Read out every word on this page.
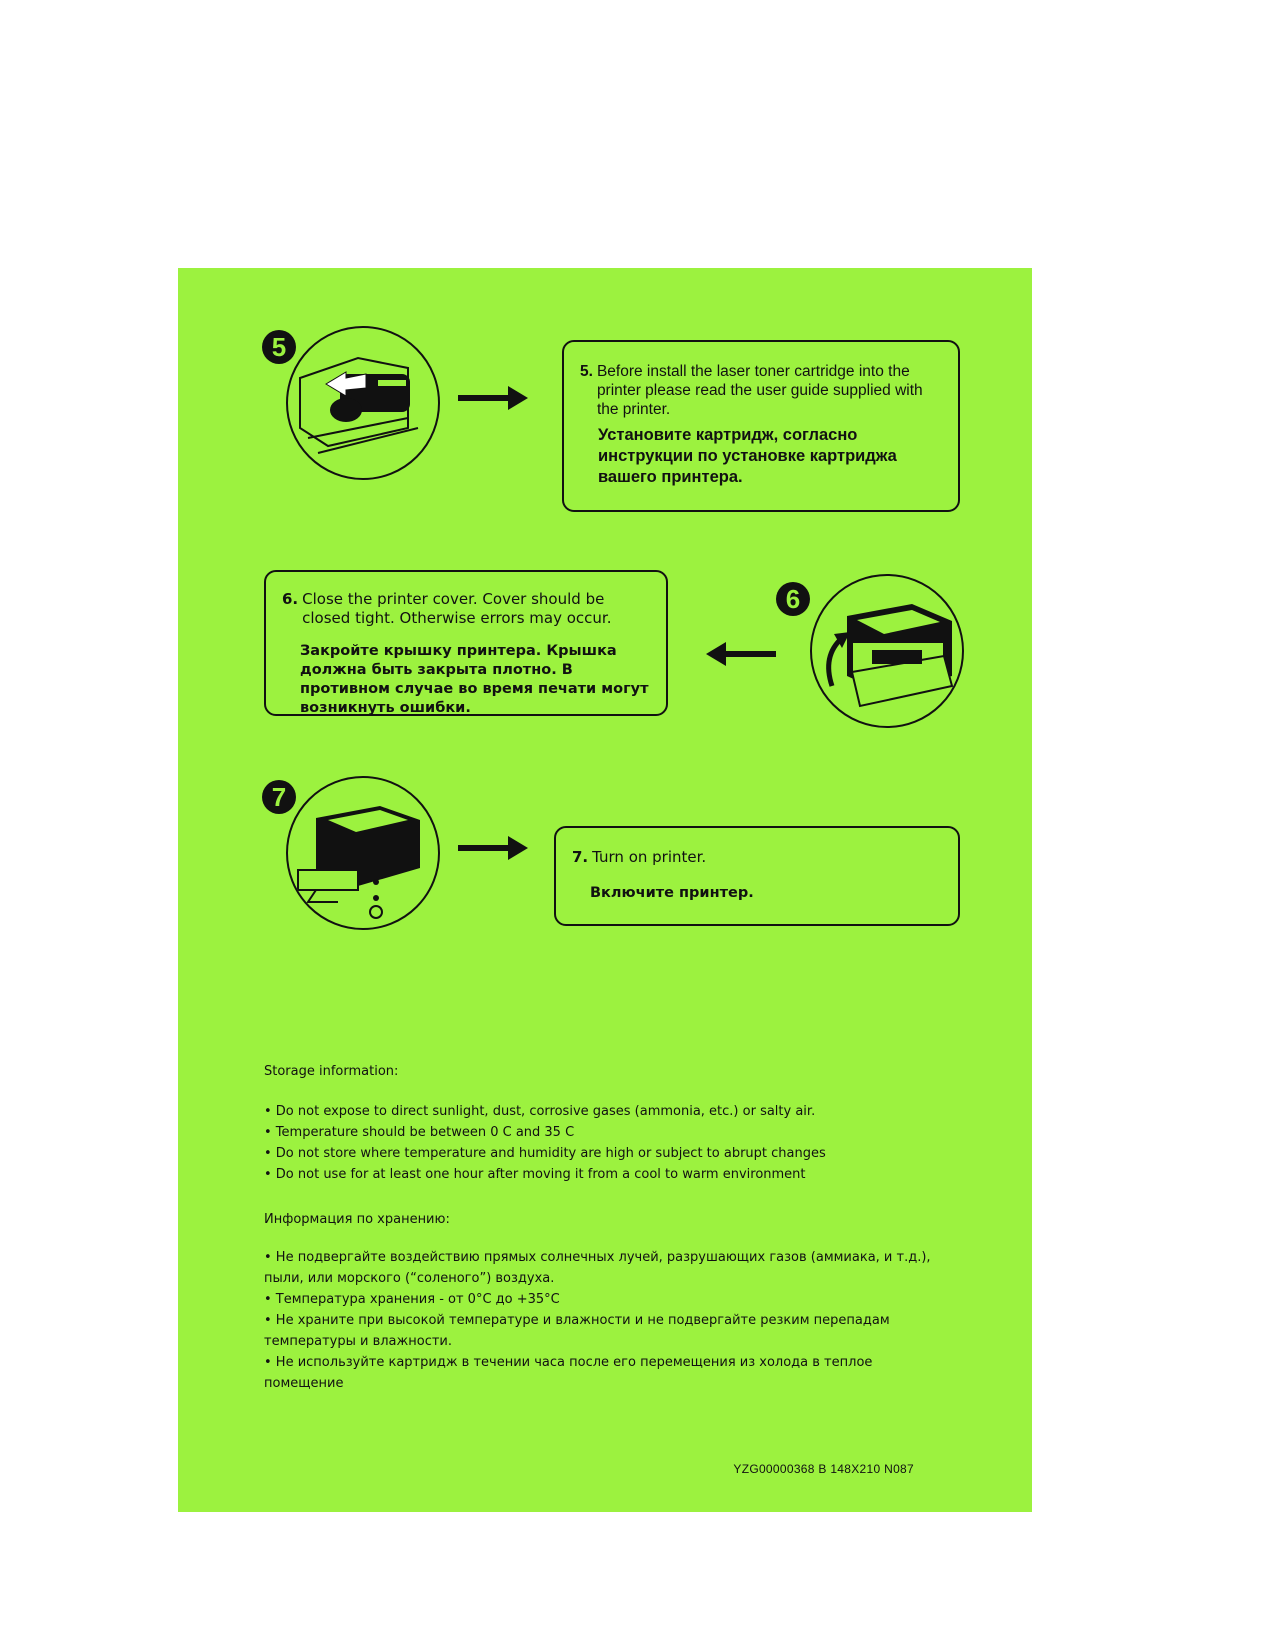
5
5. Before install the laser toner cartridge into the printer please read the user guide supplied with the printer.

Установите картридж, согласно инструкции по установке картриджа вашего принтера.

6. Close the printer cover. Cover should be closed tight. Otherwise errors may occur.

Закройте крышку принтера. Крышка должна быть закрыта плотно. В противном случае во время печати могут возникнуть ошибки.

6
7
7. Turn on printer.

Включите принтер.

Storage information:

• Do not expose to direct sunlight, dust, corrosive gases (ammonia, etc.) or salty air.
• Temperature should be between 0 C and 35 C
• Do not store where temperature and humidity are high or subject to abrupt changes
• Do not use for at least one hour after moving it from a cool to warm environment

Информация по хранению:

• Не подвергайте воздействию прямых солнечных лучей, разрушающих газов (аммиака, и т.д.), пыли, или морского (“соленого”) воздуха.
• Температура хранения - от 0°C до +35°C
• Не храните при высокой температуре и влажности и не подвергайте резким перепадам температуры и влажности.
• Не используйте картридж в течении часа после его перемещения из холода в теплое помещение
YZG00000368 B 148X210 N087
